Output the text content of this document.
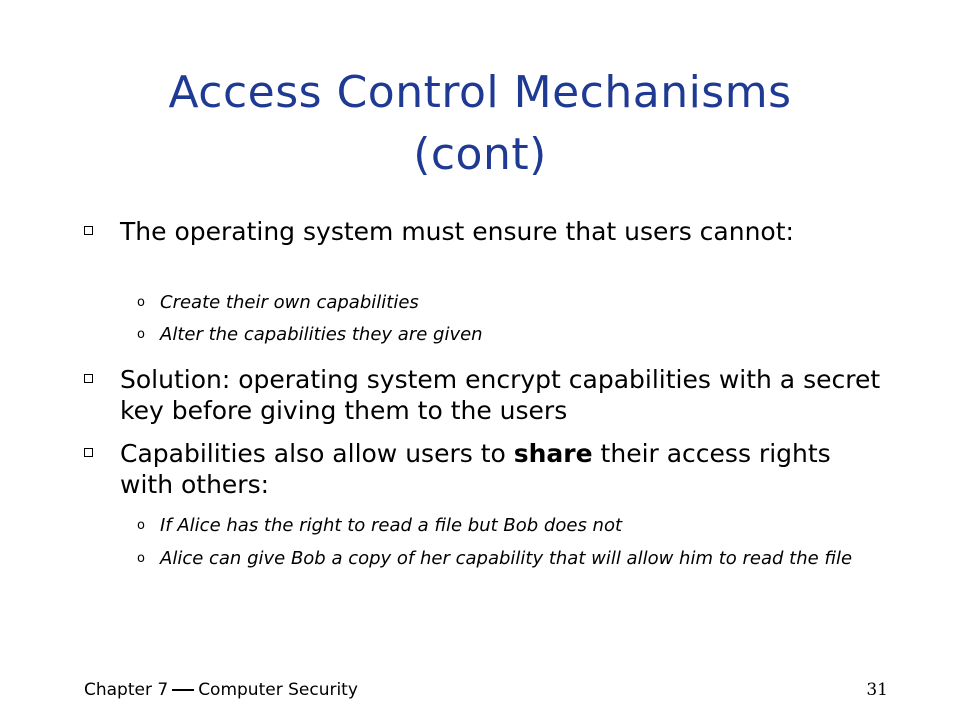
Access Control Mechanisms
(cont)
The operating system must ensure that users cannot:
o Create their own capabilities
o Alter the capabilities they are given
Solution: operating system encrypt capabilities with a secret key before giving them to the users
Capabilities also allow users to share their access rights with others:
o If Alice has the right to read a file but Bob does not
o Alice can give Bob a copy of her capability that will allow him to read the file
Chapter 7 Computer Security	31
